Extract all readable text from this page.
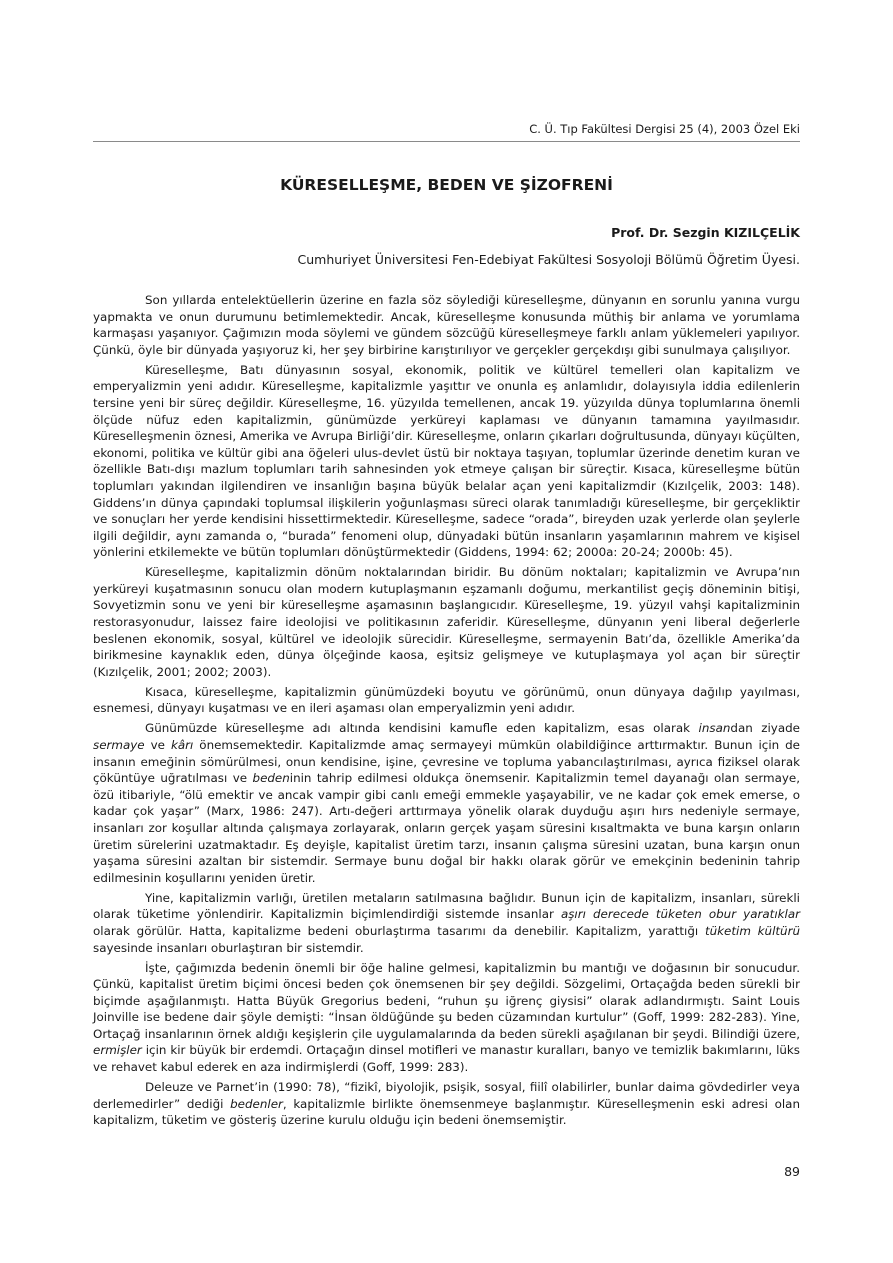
C. Ü. Tıp Fakültesi Dergisi 25 (4), 2003 Özel Eki
KÜRESELLEŞME, BEDEN VE ŞİZOFRENİ
Prof. Dr. Sezgin KIZILÇELİK
Cumhuriyet Üniversitesi Fen-Edebiyat Fakültesi Sosyoloji Bölümü Öğretim Üyesi.

Son yıllarda entelektüellerin üzerine en fazla söz söylediği küreselleşme, dünyanın en sorunlu yanına vurgu yapmakta ve onun durumunu betimlemektedir. Ancak, küreselleşme konusunda müthiş bir anlama ve yorumlama karmaşası yaşanıyor. Çağımızın moda söylemi ve gündem sözcüğü küreselleşmeye farklı anlam yüklemeleri yapılıyor. Çünkü, öyle bir dünyada yaşıyoruz ki, her şey birbirine karıştırılıyor ve gerçekler gerçekdışı gibi sunulmaya çalışılıyor.

Küreselleşme, Batı dünyasının sosyal, ekonomik, politik ve kültürel temelleri olan kapitalizm ve emperyalizmin yeni adıdır. Küreselleşme, kapitalizmle yaşıttır ve onunla eş anlamlıdır, dolayısıyla iddia edilenlerin tersine yeni bir süreç değildir. Küreselleşme, 16. yüzyılda temellenen, ancak 19. yüzyılda dünya toplumlarına önemli ölçüde nüfuz eden kapitalizmin, günümüzde yerküreyi kaplaması ve dünyanın tamamına yayılmasıdır. Küreselleşmenin öznesi, Amerika ve Avrupa Birliği’dir. Küreselleşme, onların çıkarları doğrultusunda, dünyayı küçülten, ekonomi, politika ve kültür gibi ana öğeleri ulus-devlet üstü bir noktaya taşıyan, toplumlar üzerinde denetim kuran ve özellikle Batı-dışı mazlum toplumları tarih sahnesinden yok etmeye çalışan bir süreçtir. Kısaca, küreselleşme bütün toplumları yakından ilgilendiren ve insanlığın başına büyük belalar açan yeni kapitalizmdir (Kızılçelik, 2003: 148). Giddens’ın dünya çapındaki toplumsal ilişkilerin yoğunlaşması süreci olarak tanımladığı küreselleşme, bir gerçekliktir ve sonuçları her yerde kendisini hissettirmektedir. Küreselleşme, sadece “orada”, bireyden uzak yerlerde olan şeylerle ilgili değildir, aynı zamanda o, “burada” fenomeni olup, dünyadaki bütün insanların yaşamlarının mahrem ve kişisel yönlerini etkilemekte ve bütün toplumları dönüştürmektedir (Giddens, 1994: 62; 2000a: 20-24; 2000b: 45).

Küreselleşme, kapitalizmin dönüm noktalarından biridir. Bu dönüm noktaları; kapitalizmin ve Avrupa’nın yerküreyi kuşatmasının sonucu olan modern kutuplaşmanın eşzamanlı doğumu, merkantilist geçiş döneminin bitişi, Sovyetizmin sonu ve yeni bir küreselleşme aşamasının başlangıcıdır. Küreselleşme, 19. yüzyıl vahşi kapitalizminin restorasyonudur, laissez faire ideolojisi ve politikasının zaferidir. Küreselleşme, dünyanın yeni liberal değerlerle beslenen ekonomik, sosyal, kültürel ve ideolojik sürecidir. Küreselleşme, sermayenin Batı’da, özellikle Amerika’da birikmesine kaynaklık eden, dünya ölçeğinde kaosa, eşitsiz gelişmeye ve kutuplaşmaya yol açan bir süreçtir (Kızılçelik, 2001; 2002; 2003).

Kısaca, küreselleşme, kapitalizmin günümüzdeki boyutu ve görünümü, onun dünyaya dağılıp yayılması, esnemesi, dünyayı kuşatması ve en ileri aşaması olan emperyalizmin yeni adıdır.

Günümüzde küreselleşme adı altında kendisini kamufle eden kapitalizm, esas olarak insandan ziyade sermaye ve kârı önemsemektedir. Kapitalizmde amaç sermayeyi mümkün olabildiğince arttırmaktır. Bunun için de insanın emeğinin sömürülmesi, onun kendisine, işine, çevresine ve topluma yabancılaştırılması, ayrıca fiziksel olarak çöküntüye uğratılması ve bedeninin tahrip edilmesi oldukça önemsenir. Kapitalizmin temel dayanağı olan sermaye, özü itibariyle, “ölü emektir ve ancak vampir gibi canlı emeği emmekle yaşayabilir, ve ne kadar çok emek emerse, o kadar çok yaşar” (Marx, 1986: 247). Artı-değeri arttırmaya yönelik olarak duyduğu aşırı hırs nedeniyle sermaye, insanları zor koşullar altında çalışmaya zorlayarak, onların gerçek yaşam süresini kısaltmakta ve buna karşın onların üretim sürelerini uzatmaktadır. Eş deyişle, kapitalist üretim tarzı, insanın çalışma süresini uzatan, buna karşın onun yaşama süresini azaltan bir sistemdir. Sermaye bunu doğal bir hakkı olarak görür ve emekçinin bedeninin tahrip edilmesinin koşullarını yeniden üretir.

Yine, kapitalizmin varlığı, üretilen metaların satılmasına bağlıdır. Bunun için de kapitalizm, insanları, sürekli olarak tüketime yönlendirir. Kapitalizmin biçimlendirdiği sistemde insanlar aşırı derecede tüketen obur yaratıklar olarak görülür. Hatta, kapitalizme bedeni oburlaştırma tasarımı da denebilir. Kapitalizm, yarattığı tüketim kültürü sayesinde insanları oburlaştıran bir sistemdir.

İşte, çağımızda bedenin önemli bir öğe haline gelmesi, kapitalizmin bu mantığı ve doğasının bir sonucudur. Çünkü, kapitalist üretim biçimi öncesi beden çok önemsenen bir şey değildi. Sözgelimi, Ortaçağda beden sürekli bir biçimde aşağılanmıştı. Hatta Büyük Gregorius bedeni, “ruhun şu iğrenç giysisi” olarak adlandırmıştı. Saint Louis Joinville ise bedene dair şöyle demişti: “İnsan öldüğünde şu beden cüzamından kurtulur” (Goff, 1999: 282-283). Yine, Ortaçağ insanlarının örnek aldığı keşişlerin çile uygulamalarında da beden sürekli aşağılanan bir şeydi. Bilindiği üzere, ermişler için kir büyük bir erdemdi. Ortaçağın dinsel motifleri ve manastır kuralları, banyo ve temizlik bakımlarını, lüks ve rehavet kabul ederek en aza indirmişlerdi (Goff, 1999: 283).

Deleuze ve Parnet’in (1990: 78), “fizikî, biyolojik, psişik, sosyal, fiilî olabilirler, bunlar daima gövdedirler veya derlemedirler” dediği bedenler, kapitalizmle birlikte önemsenmeye başlanmıştır. Küreselleşmenin eski adresi olan kapitalizm, tüketim ve gösteriş üzerine kurulu olduğu için bedeni önemsemiştir.

89
